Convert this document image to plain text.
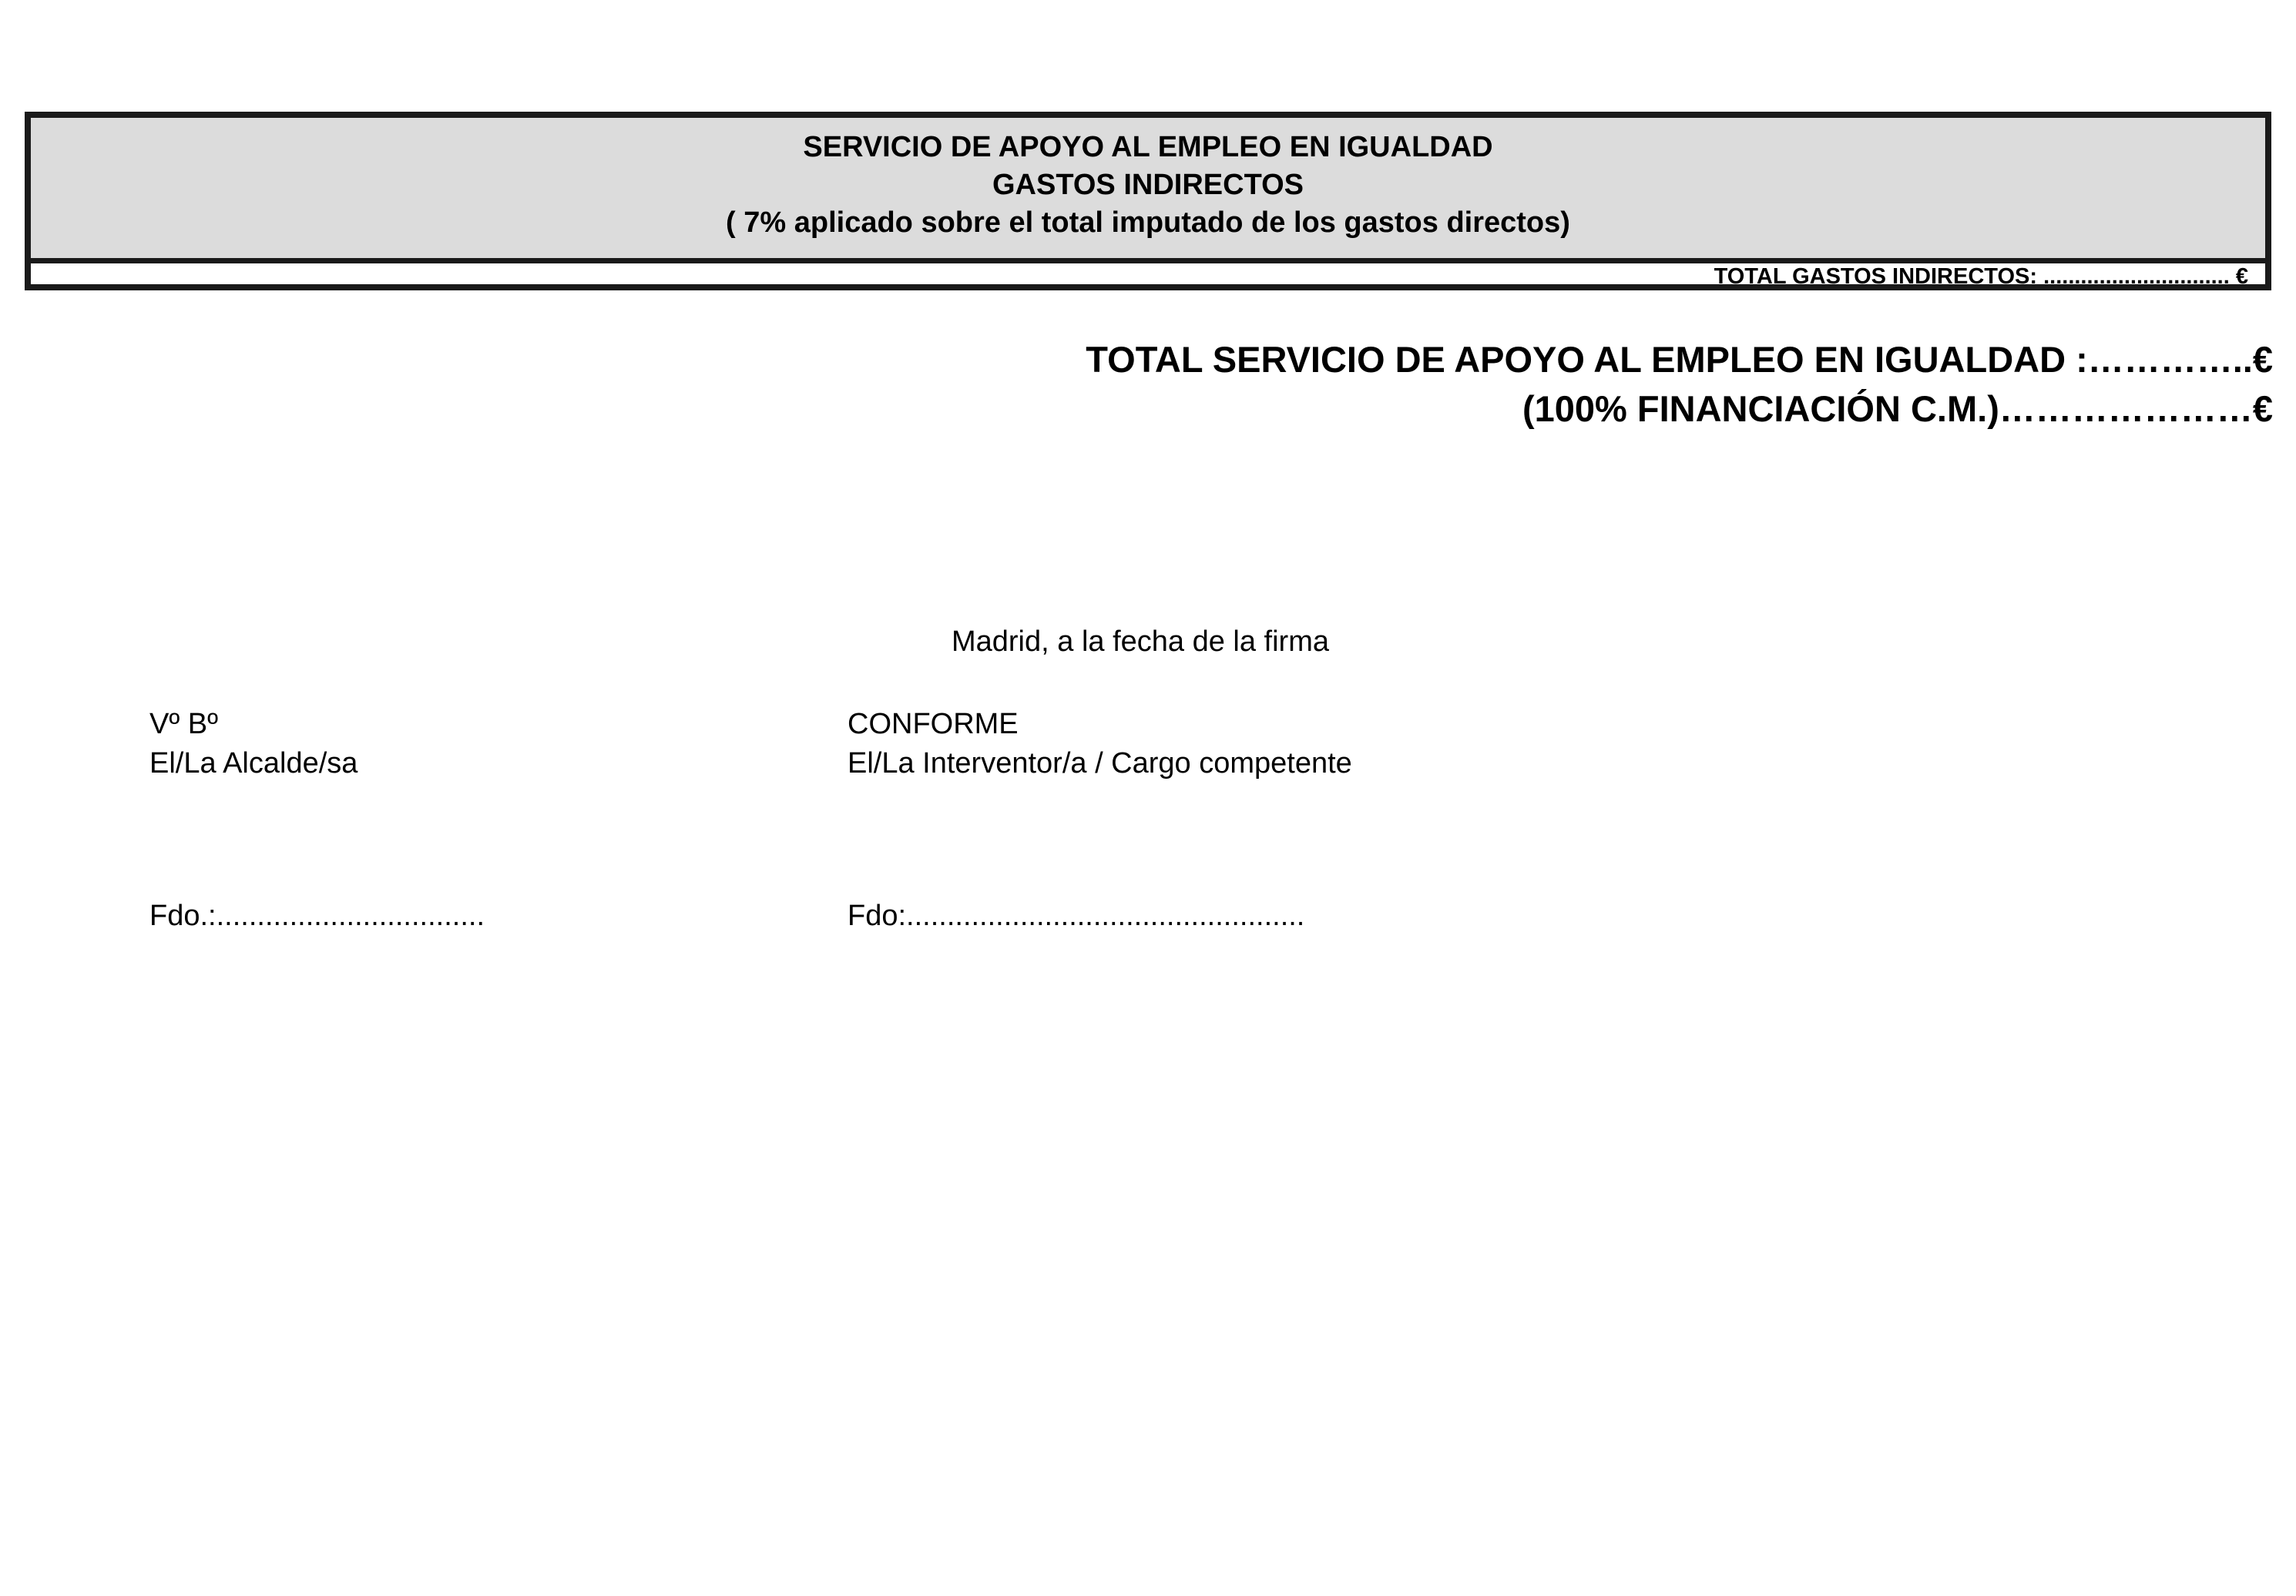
SERVICIO DE APOYO AL EMPLEO EN IGUALDAD
GASTOS INDIRECTOS
( 7% aplicado sobre el total imputado de los gastos directos)
TOTAL GASTOS INDIRECTOS: .............................. €
TOTAL SERVICIO DE APOYO AL EMPLEO EN IGUALDAD :…………..€
(100% FINANCIACIÓN C.M.)…………………€
Madrid, a la fecha de la firma
Vº Bº
El/La Alcalde/sa
CONFORME
El/La Interventor/a / Cargo competente
Fdo.:.................................	Fdo:.................................................
